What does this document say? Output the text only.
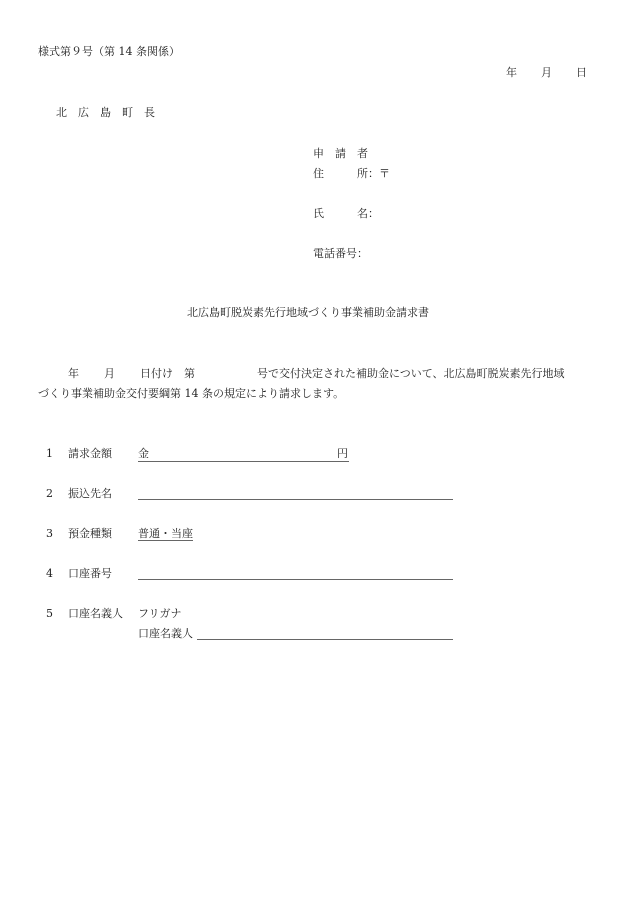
様式第９号（第 14 条関係）
年 月 日
北　広　島　町　長
申　請　者
住　　　所：〒
氏　　　名：
電話番号：
北広島町脱炭素先行地域づくり事業補助金請求書
年 月 日付け　第	号で交付決定された補助金について、北広島町脱炭素先行地域
づくり事業補助金交付要綱第 14 条の規定により請求します。
1 請求金額 金	円
2 振込先名
3 預金種類 普通・当座
4 口座番号
5 口座名義人 フリガナ
口座名義人
